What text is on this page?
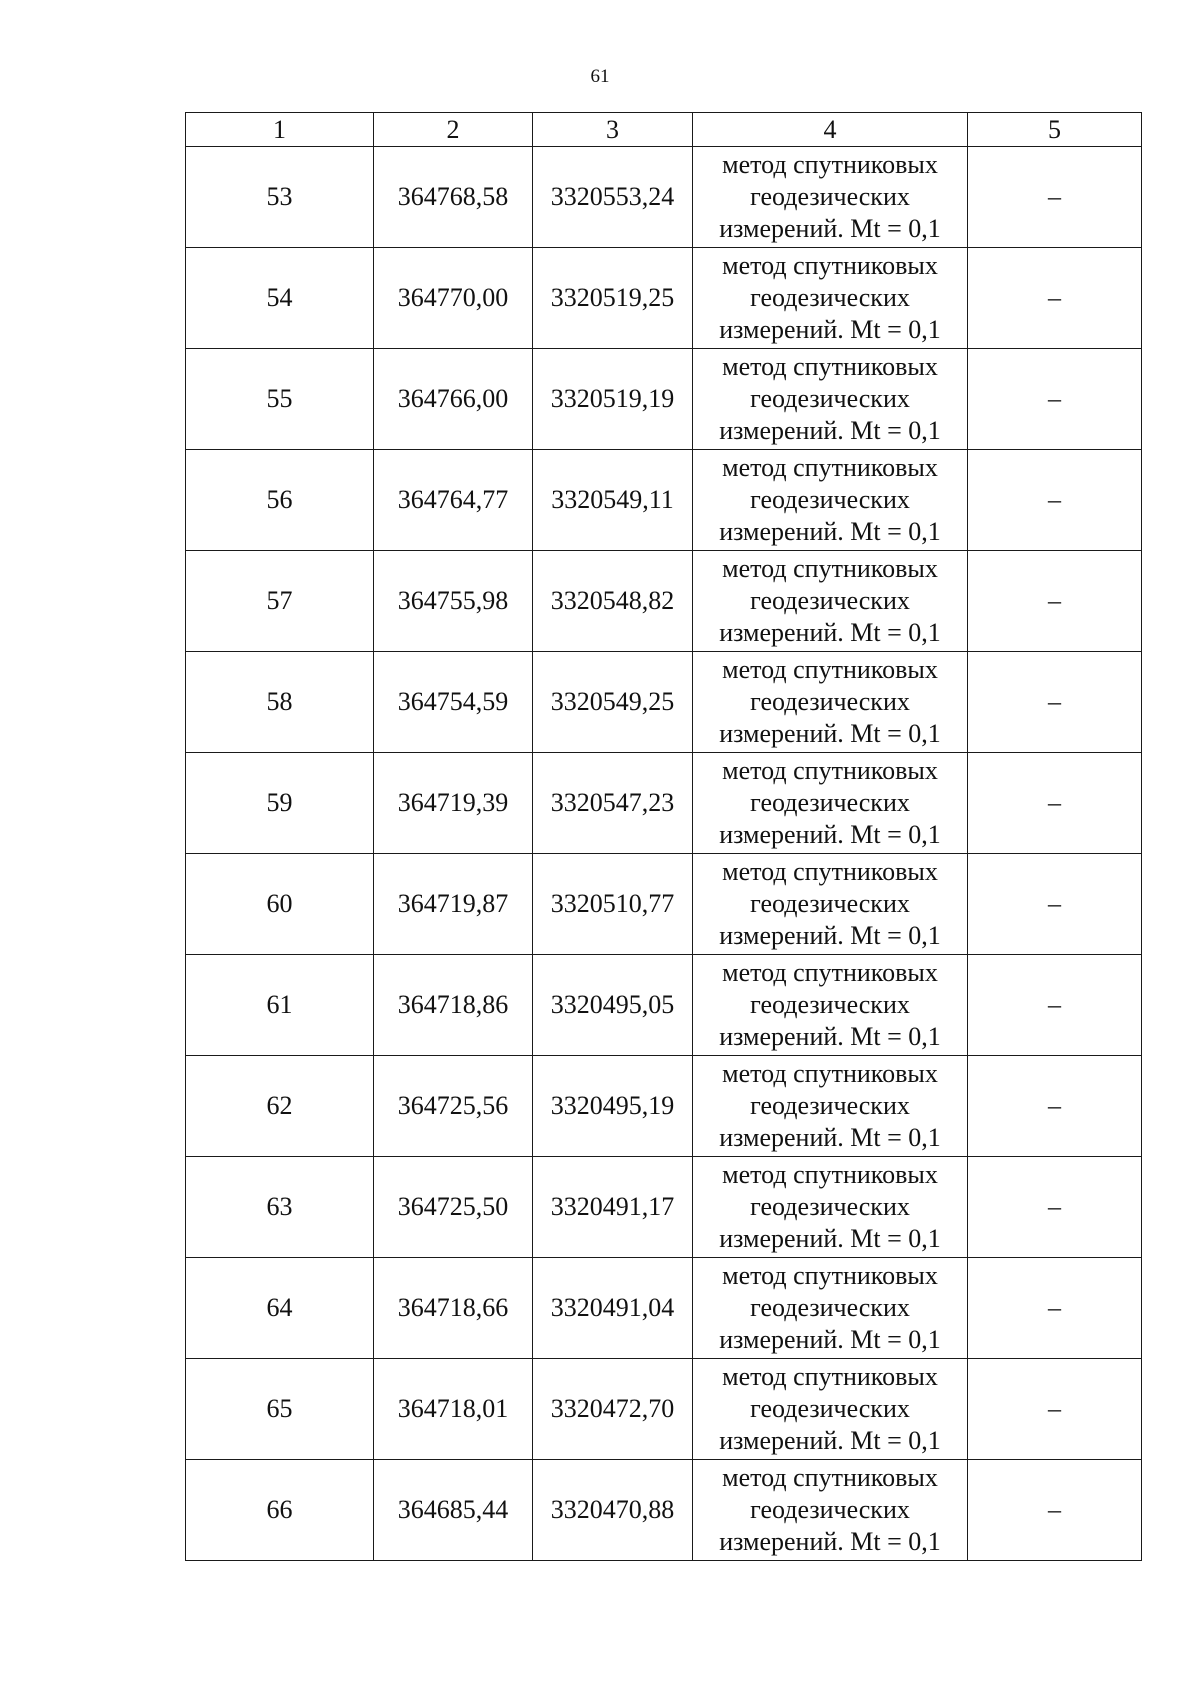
61
1	2	3	4	5
53	364768,58	3320553,24	метод спутниковых геодезических измерений. Mt = 0,1	–
54	364770,00	3320519,25	метод спутниковых геодезических измерений. Mt = 0,1	–
55	364766,00	3320519,19	метод спутниковых геодезических измерений. Mt = 0,1	–
56	364764,77	3320549,11	метод спутниковых геодезических измерений. Mt = 0,1	–
57	364755,98	3320548,82	метод спутниковых геодезических измерений. Mt = 0,1	–
58	364754,59	3320549,25	метод спутниковых геодезических измерений. Mt = 0,1	–
59	364719,39	3320547,23	метод спутниковых геодезических измерений. Mt = 0,1	–
60	364719,87	3320510,77	метод спутниковых геодезических измерений. Mt = 0,1	–
61	364718,86	3320495,05	метод спутниковых геодезических измерений. Mt = 0,1	–
62	364725,56	3320495,19	метод спутниковых геодезических измерений. Mt = 0,1	–
63	364725,50	3320491,17	метод спутниковых геодезических измерений. Mt = 0,1	–
64	364718,66	3320491,04	метод спутниковых геодезических измерений. Mt = 0,1	–
65	364718,01	3320472,70	метод спутниковых геодезических измерений. Mt = 0,1	–
66	364685,44	3320470,88	метод спутниковых геодезических измерений. Mt = 0,1	–
